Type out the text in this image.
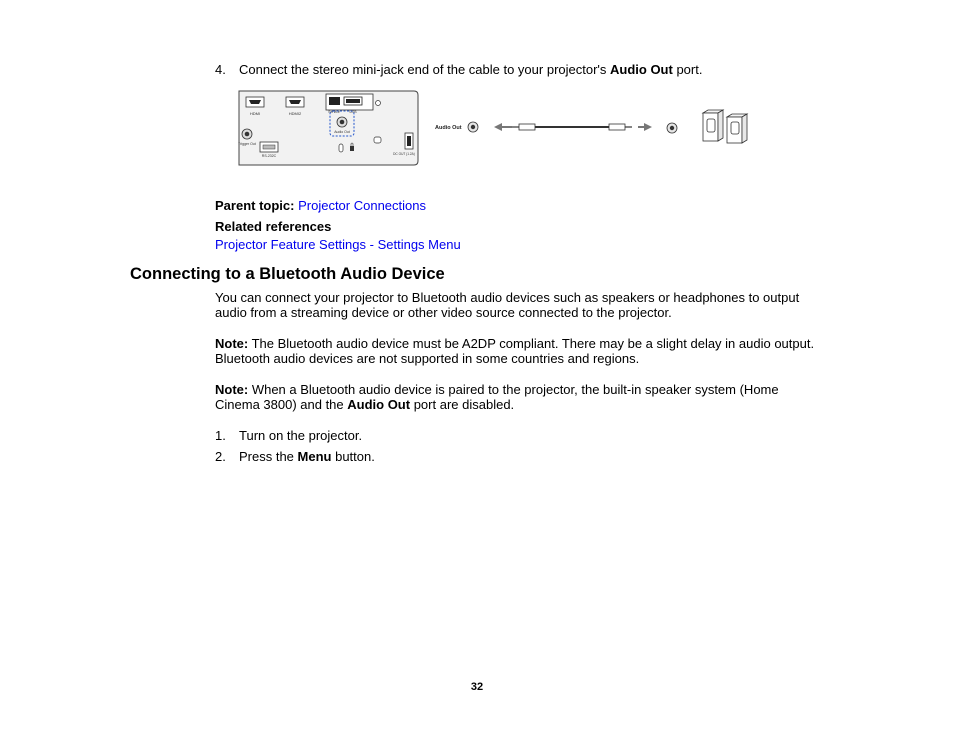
4. Connect the stereo mini-jack end of the cable to your projector's Audio Out port.
HDMI	HDMI2	Service	USB
Audio Out
Trigger Out
RS-232C	DC OUT (1.2A)
Audio Out
Parent topic: Projector Connections
Related references
Projector Feature Settings - Settings Menu
Connecting to a Bluetooth Audio Device
You can connect your projector to Bluetooth audio devices such as speakers or headphones to output
audio from a streaming device or other video source connected to the projector.
Note: The Bluetooth audio device must be A2DP compliant. There may be a slight delay in audio output.
Bluetooth audio devices are not supported in some countries and regions.
Note: When a Bluetooth audio device is paired to the projector, the built-in speaker system (Home
Cinema 3800) and the Audio Out port are disabled.
1. Turn on the projector.
2. Press the Menu button.
32
